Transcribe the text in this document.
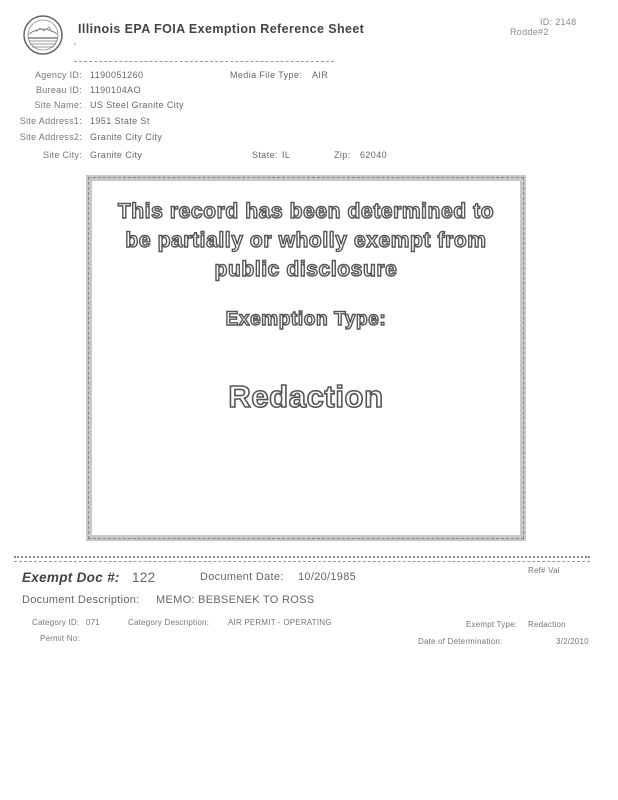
Illinois EPA FOIA Exemption Reference Sheet
'
ID: 2148
Rodde#2
Agency ID: 1190051260
Bureau ID: 1190104AO
Site Name: US Steel Granite City
Site Address1: 1951 State St
Site Address2: Granite City City
Site City: Granite City
Media File Type: AIR
State: IL	Zip: 62040
This record has been determined to
be partially or wholly exempt from
public disclosure
Exemption Type:
Redaction
Exempt Doc #: 122	Document Date: 10/20/1985
Ref# Val
Document Description: MEMO: BEBSENEK TO ROSS
Category ID: 071	Category Description: AIR PERMIT - OPERATING	Exempt Type: Redaction
Permit No:	Date of Determination:	3/2/2010
